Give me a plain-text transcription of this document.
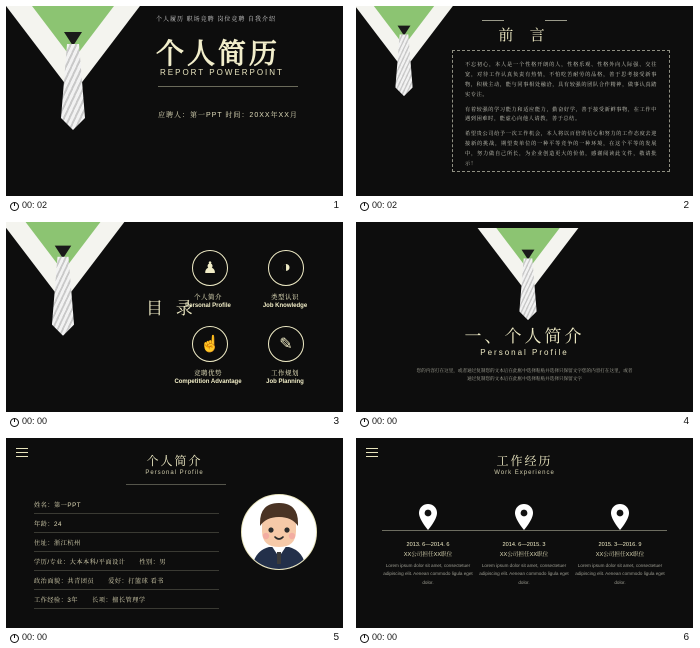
个人履历 职场竞聘 岗位竞聘 自我介绍
个人简历
REPORT POWERPOINT
应聘人：第一PPT 时间：20XX年XX月
00: 02	1
前 言

不忘初心，本人是一个性格开朗的人，性格乐观、性格外向人际强、交往宽，对待工作认真负责有热情，不怕吃苦耐劳的品格，善于思考接受新事物，积极主动，能与同事相处融洽，具有较强的团队合作精神，做事认真踏实专注。

有着较强的学习能力和适应能力，勤奋好学，善于接受新鲜事物，在工作中遇到困难时，能虚心向他人请教，善于总结。

希望贵公司给予一次工作机会，本人将以百倍的信心和努力的工作态度去迎接新的挑战，期望贵单位的一种平等竞争的一种环境，在这个平等的发展中，努力做自己所长，为企业创造更大的价值，感谢阅读此文件，敬请批示！

00: 02	2
目 录
♟
个人简介
Personal Profile
◑
类型认识
Job Knowledge
☝
竞聘优势
Competition Advantage
✎
工作规划
Job Planning
00: 00	3
一、个人简介
Personal Profile
您的内容打在这里，或者通过复制您的文本后在此框中选择粘贴并选择只保留文字您的内容打在这里，或者通过复制您的文本后在此框中选择粘贴并选择只保留文字
00: 00	4
个人简介
Personal Profile
姓名：第一PPT
年龄：24
住址：浙江杭州
学历/专业：大本本科/平面设计 性别：男
政治面貌：共青团员 爱好：打篮球 看书
工作经验：3年 长项：擅长管理学
00: 00	5
工作经历
Work Experience
2013. 6—2014. 6
XX公司担任XX职位
Lorem ipsum dolor sit amet, consectetuer adipiscing elit. Aenean commodo ligula eget dolor.
2014. 6—2015. 3
XX公司担任XX职位
Lorem ipsum dolor sit amet, consectetuer adipiscing elit. Aenean commodo ligula eget dolor.
2015. 3—2016. 9
XX公司担任XX职位
Lorem ipsum dolor sit amet, consectetuer adipiscing elit. Aenean commodo ligula eget dolor.
00: 00	6
